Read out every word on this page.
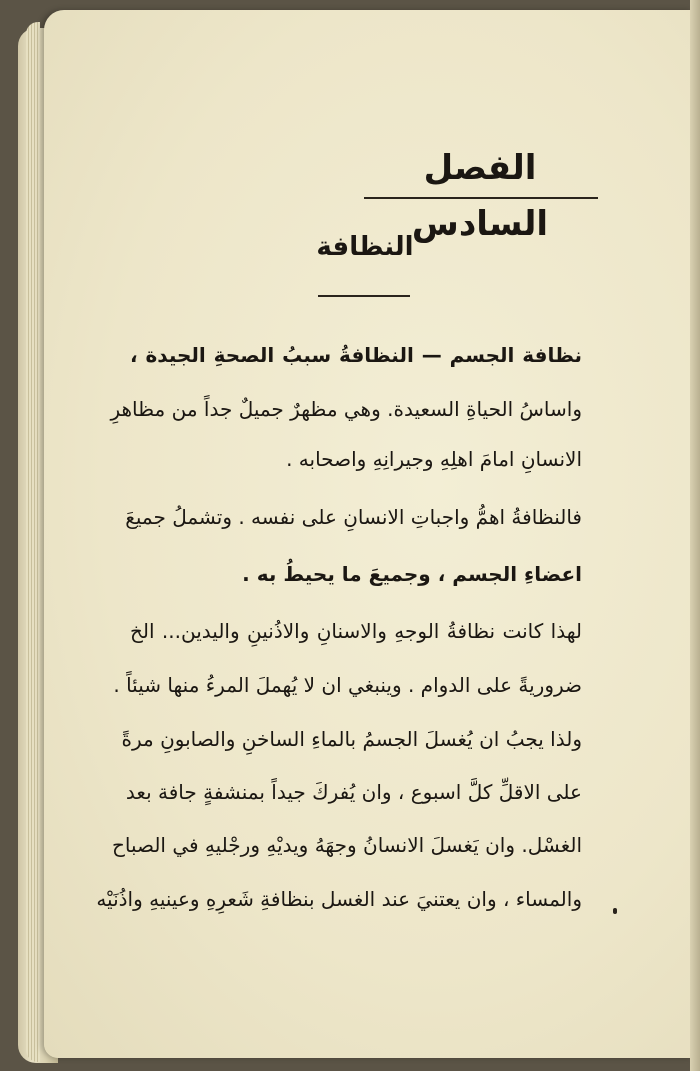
الفصل السادس
النظافة
نظافة الجسم — النظافةُ سببُ الصحةِ الجيدة ،
واساسُ الحياةِ السعيدة. وهي مظهرٌ جميلٌ جداً من مظاهرِ
الانسانِ امامَ اهلِهِ وجيرانِهِ واصحابه .
فالنظافةُ اهمُّ واجباتِ الانسانِ على نفسه . وتشملُ جميعَ
اعضاءِ الجسم ، وجميعَ ما يحيطُ به .
لهذا كانت نظافةُ الوجهِ والاسنانِ والاذُنينِ واليدين... الخ
ضروريةً على الدوام . وينبغي ان لا يُهملَ المرءُ منها شيئاً .
ولذا يجبُ ان يُغسلَ الجسمُ بالماءِ الساخنِ والصابونِ مرةً
على الاقلِّ كلَّ اسبوع ، وان يُفركَ جيداً بمنشفةٍ جافة بعد
الغسْل. وان يَغسلَ الانسانُ وجهَهُ ويديْهِ ورجْليهِ في الصباح
والمساء ، وان يعتنيَ عند الغسل بنظافةِ شَعرِهِ وعينيهِ واذُنَيْه
